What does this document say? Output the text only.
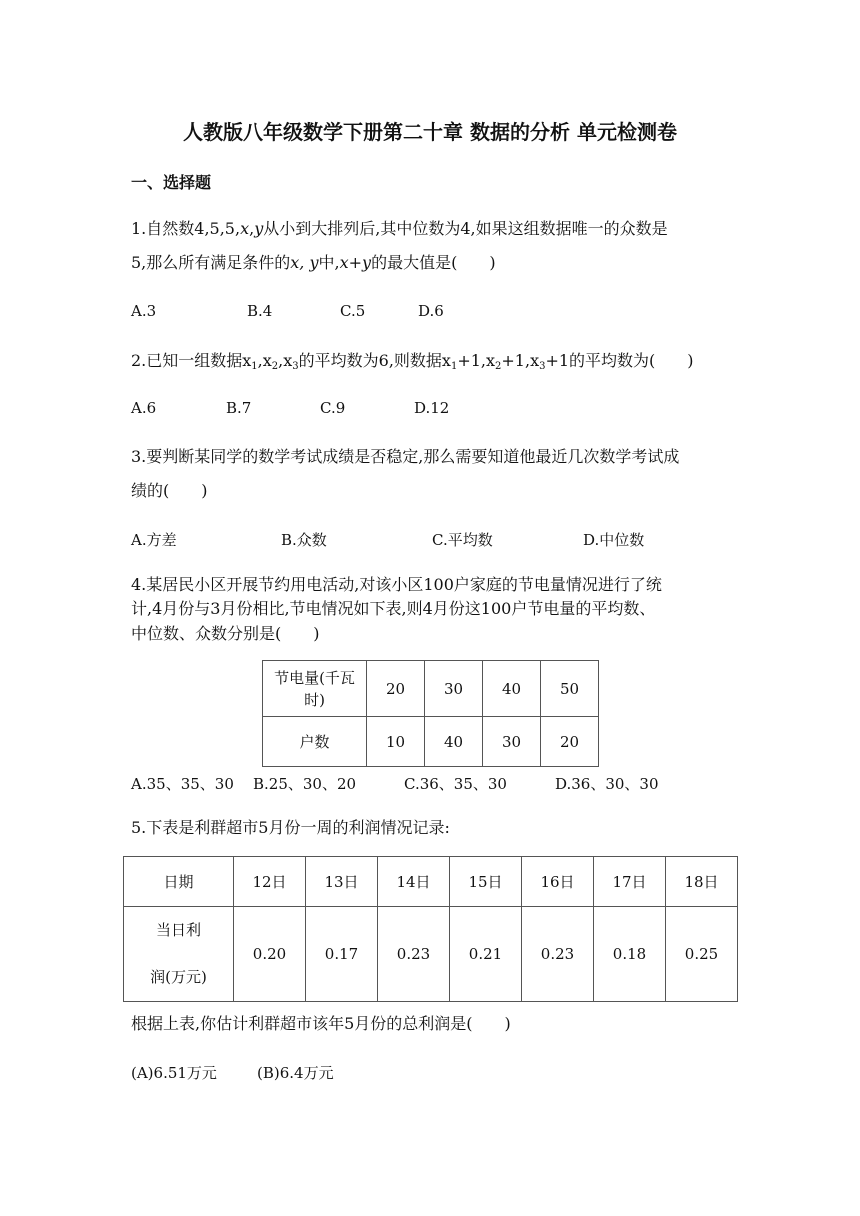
人教版八年级数学下册第二十章 数据的分析 单元检测卷
一、选择题
1.自然数4,5,5,x,y从小到大排列后,其中位数为4,如果这组数据唯一的众数是
5,那么所有满足条件的x, y中,x+y的最大值是(　　)
A.3	B.4	C.5	D.6
2.已知一组数据$x_1,x_2,x_3$的平均数为6,则数据$x_1+1,x_2+1,x_3+1$的平均数为(　　)
A.6	B.7	C.9	D.12
3.要判断某同学的数学考试成绩是否稳定,那么需要知道他最近几次数学考试成
绩的(　　)
A.方差	B.众数	C.平均数	D.中位数
4.某居民小区开展节约用电活动,对该小区100户家庭的节电量情况进行了统
计,4月份与3月份相比,节电情况如下表,则4月份这100户节电量的平均数、
中位数、众数分别是(　　)
节电量(千瓦
时)	20	30	40	50
户数	10	40	30	20
A.35、35、30 B.25、30、20	C.36、35、30	D.36、30、30
5.下表是利群超市5月份一周的利润情况记录:
日期	12日	13日	14日	15日	16日	17日	18日

当日利
润(万元)	0.20	0.17	0.23	0.21	0.23	0.18	0.25
根据上表,你估计利群超市该年5月份的总利润是(　　)
(A)6.51万元	(B)6.4万元
